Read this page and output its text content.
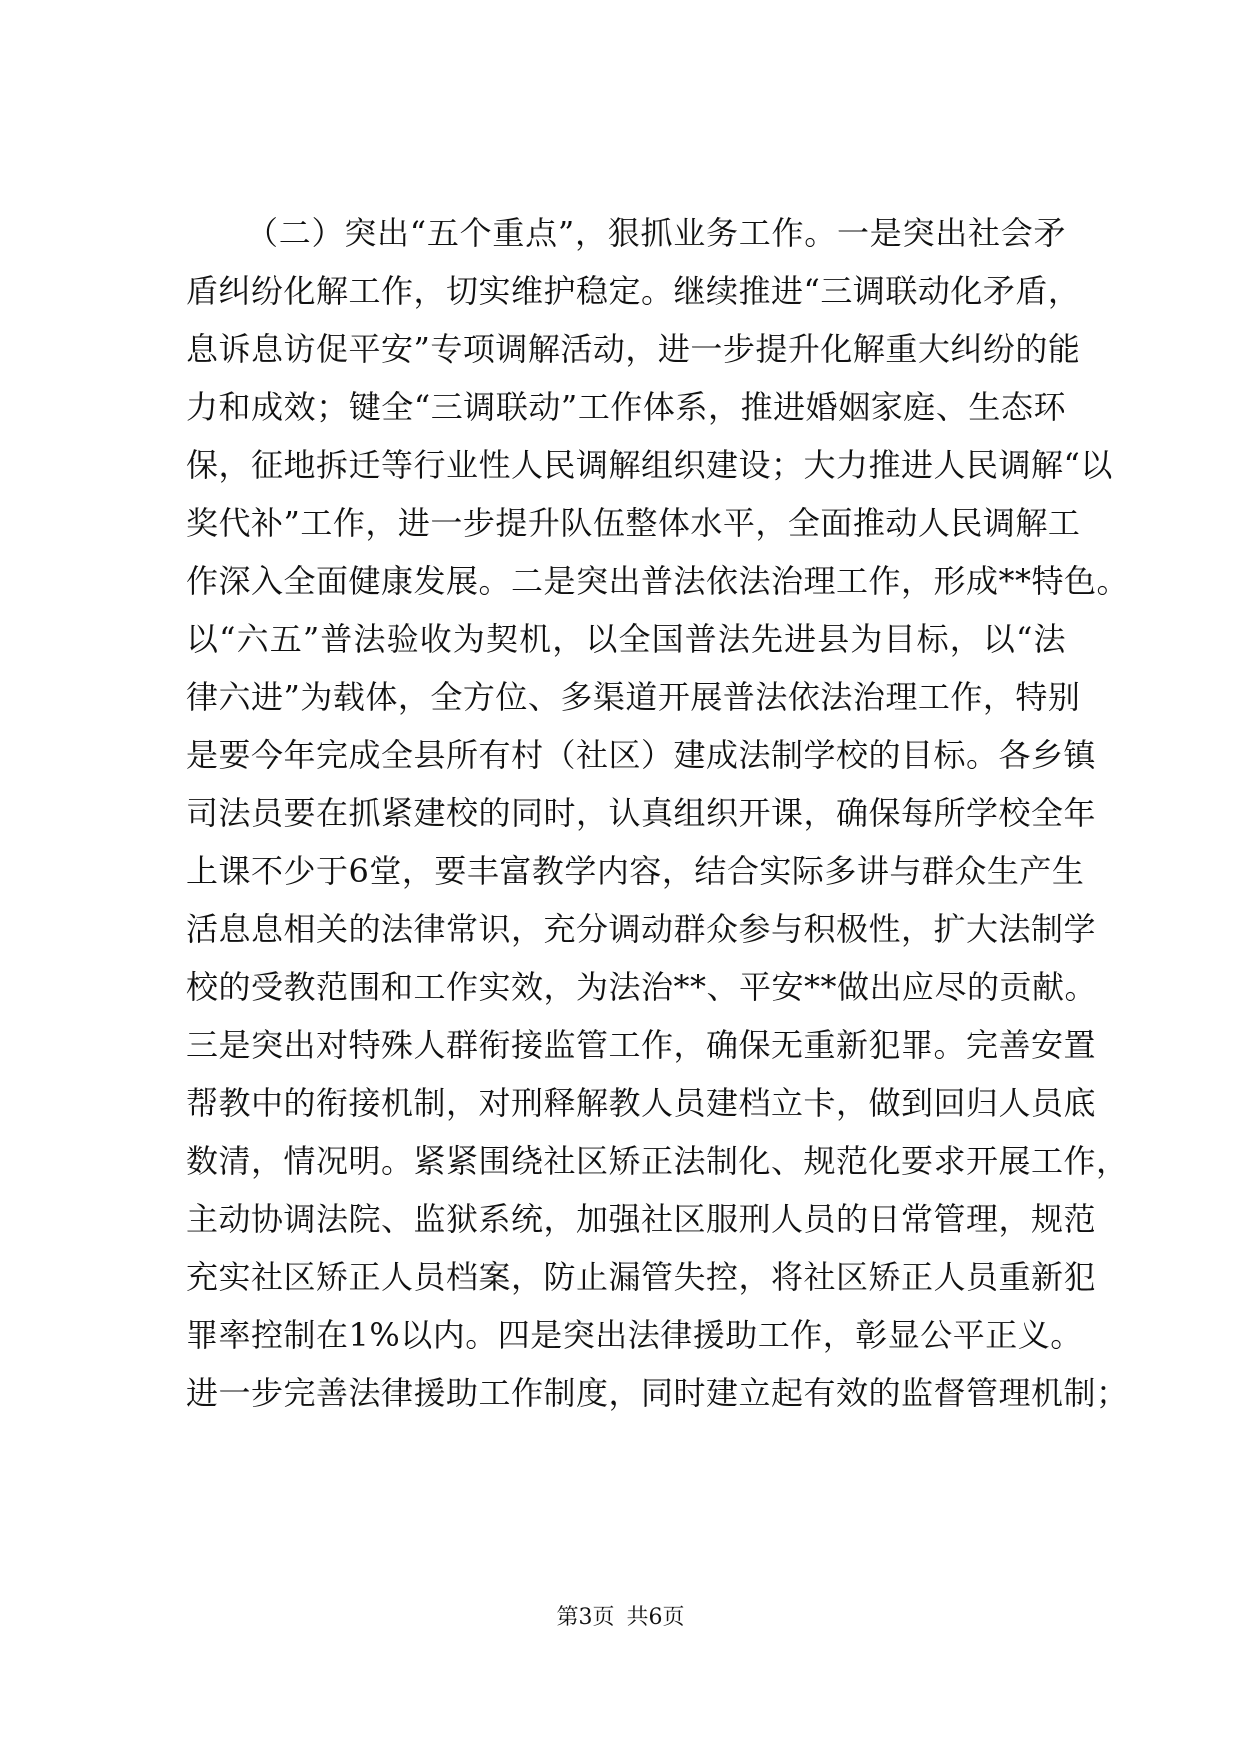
（二）突出“五个重点”，狠抓业务工作。一是突出社会矛
盾纠纷化解工作，切实维护稳定。继续推进“三调联动化矛盾，
息诉息访促平安”专项调解活动，进一步提升化解重大纠纷的能
力和成效；键全“三调联动”工作体系，推进婚姻家庭、生态环
保，征地拆迁等行业性人民调解组织建设；大力推进人民调解“以
奖代补”工作，进一步提升队伍整体水平，全面推动人民调解工
作深入全面健康发展。二是突出普法依法治理工作，形成**特色。
以“六五”普法验收为契机，以全国普法先进县为目标，以“法
律六进”为载体，全方位、多渠道开展普法依法治理工作，特别
是要今年完成全县所有村（社区）建成法制学校的目标。各乡镇
司法员要在抓紧建校的同时，认真组织开课，确保每所学校全年
上课不少于6堂，要丰富教学内容，结合实际多讲与群众生产生
活息息相关的法律常识，充分调动群众参与积极性，扩大法制学
校的受教范围和工作实效，为法治**、平安**做出应尽的贡献。
三是突出对特殊人群衔接监管工作，确保无重新犯罪。完善安置
帮教中的衔接机制，对刑释解教人员建档立卡，做到回归人员底
数清，情况明。紧紧围绕社区矫正法制化、规范化要求开展工作，
主动协调法院、监狱系统，加强社区服刑人员的日常管理，规范
充实社区矫正人员档案，防止漏管失控，将社区矫正人员重新犯
罪率控制在1%以内。四是突出法律援助工作，彰显公平正义。
进一步完善法律援助工作制度，同时建立起有效的监督管理机制；
第3页 共6页
